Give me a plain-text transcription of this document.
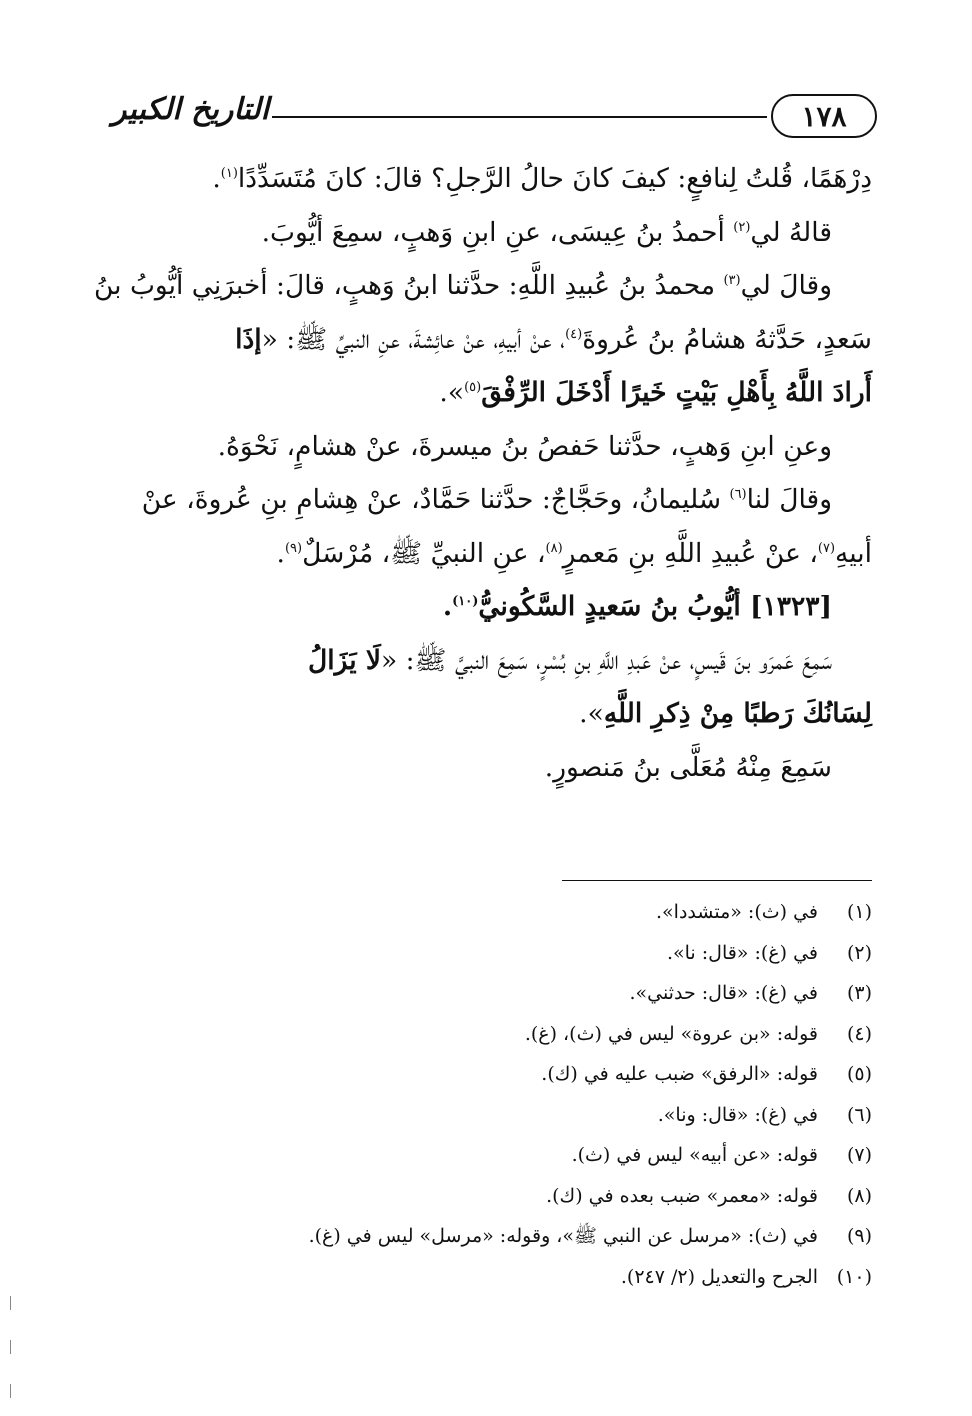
١٧٨
التاريخ الكبير
دِرْهَمًا، قُلتُ لِنافعٍ: كيفَ كانَ حالُ الرَّجلِ؟ قالَ: كانَ مُتَسَدِّدًا$^{(١)}$.
قالهُ لي$^{(٢)}$ أحمدُ بنُ عِيسَى، عنِ ابنِ وَهبٍ، سمِعَ أيُّوبَ.
وقالَ لي$^{(٣)}$ محمدُ بنُ عُبيدِ اللَّهِ: حدَّثنا ابنُ وَهبٍ، قالَ: أخبرَنِي أيُّوبُ بنُ
سَعدٍ، حَدَّثهُ هشامُ بنُ عُروةَ$^{(٤)}$، عنْ أبيهِ، عنْ عائِشةَ، عنِ النبيِّ ﷺ: «إذَا
أَرادَ اللَّهُ بِأَهْلِ بَيْتٍ خَيرًا أَدْخَلَ الرِّفْقَ$^{(٥)}$».
وعنِ ابنِ وَهبٍ، حدَّثنا حَفصُ بنُ ميسرةَ، عنْ هشامٍ، نَحْوَهُ.
وقالَ لنا$^{(٦)}$ سُليمانُ، وحَجَّاجٌ: حدَّثنا حَمَّادٌ، عنْ هِشامِ بنِ عُروةَ، عنْ
أبيهِ$^{(٧)}$، عنْ عُبيدِ اللَّهِ بنِ مَعمرٍ$^{(٨)}$، عنِ النبيِّ ﷺ، مُرْسَلٌ$^{(٩)}$.
[١٣٢٣] أيُّوبُ بنُ سَعيدٍ السَّكُونيُّ$^{(١٠)}$.
سَمِعَ عَمرَو بنَ قَيسٍ، عنْ عَبدِ اللَّهِ بنِ بُسْرٍ، سَمِعَ النبيَّ ﷺ: «لَا يَزَالُ
لِسَانُكَ رَطبًا مِنْ ذِكرِ اللَّهِ».
سَمِعَ مِنْهُ مُعَلَّى بنُ مَنصورٍ.
(١)في (ث): «متشددا».
(٢)في (غ): «قال: نا».
(٣)في (غ): «قال: حدثني».
(٤)قوله: «بن عروة» ليس في (ث)، (غ).
(٥)قوله: «الرفق» ضبب عليه في (ك).
(٦)في (غ): «قال: ونا».
(٧)قوله: «عن أبيه» ليس في (ث).
(٨)قوله: «معمر» ضبب بعده في (ك).
(٩)في (ث): «مرسل عن النبي ﷺ»، وقوله: «مرسل» ليس في (غ).
(١٠)الجرح والتعديل (٢/ ٢٤٧).
